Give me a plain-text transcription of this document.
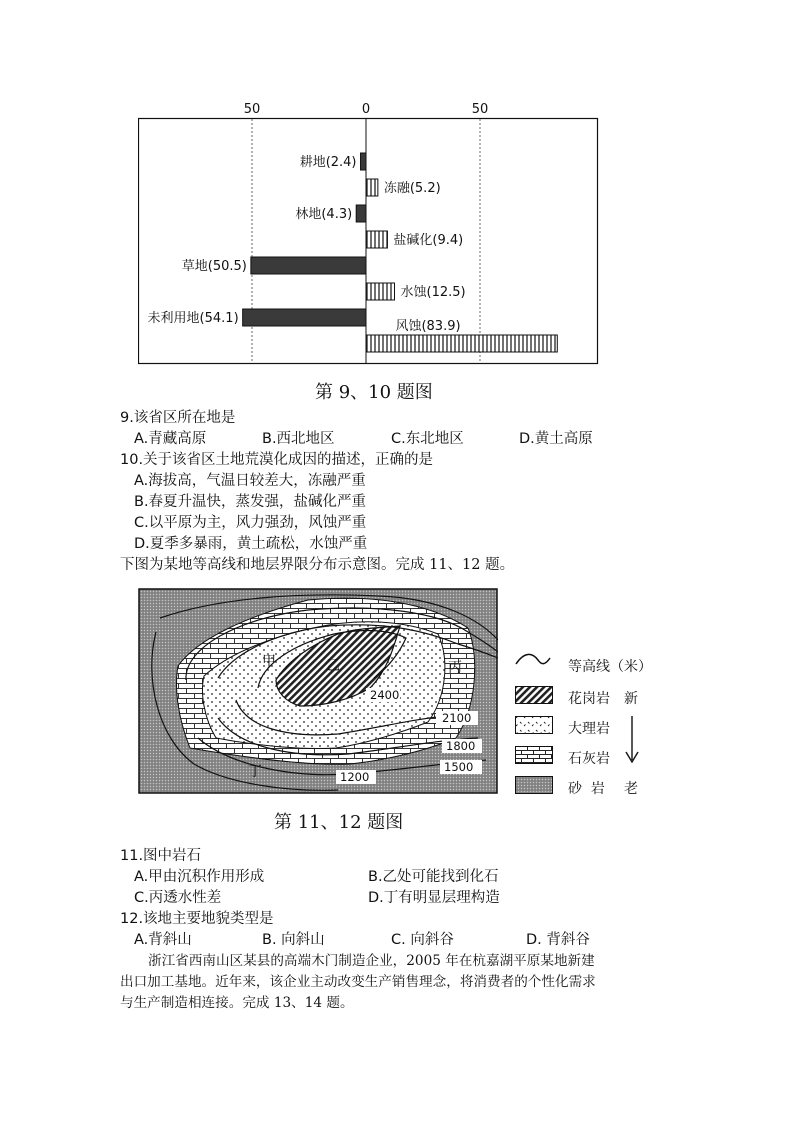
50	0	50
耕地(2.4)
冻融(5.2)
林地(4.3)
盐碱化(9.4)
草地(50.5)
水蚀(12.5)
未利用地(54.1)
风蚀(83.9)
第 9、10 题图
9.该省区所在地是
A.青藏高原	B.西北地区	C.东北地区	D.黄土高原
10.关于该省区土地荒漠化成因的描述，正确的是
A.海拔高，气温日较差大，冻融严重
B.春夏升温快，蒸发强，盐碱化严重
C.以平原为主，风力强劲，风蚀严重
D.夏季多暴雨，黄土疏松，水蚀严重
下图为某地等高线和地层界限分布示意图。完成 11、12 题。
甲	乙	丙
丁
2400
2100
1800
1500
1200
等高线（米）
花岗岩 新
大理岩
石灰岩
砂  岩 老
第 11、12 题图
11.图中岩石
A.甲由沉积作用形成	B.乙处可能找到化石
C.丙透水性差	D.丁有明显层理构造
12.该地主要地貌类型是
A.背斜山	B. 向斜山	C. 向斜谷	D. 背斜谷
浙江省西南山区某县的高端木门制造企业，2005 年在杭嘉湖平原某地新建
出口加工基地。近年来，该企业主动改变生产销售理念，将消费者的个性化需求
与生产制造相连接。完成 13、14 题。
